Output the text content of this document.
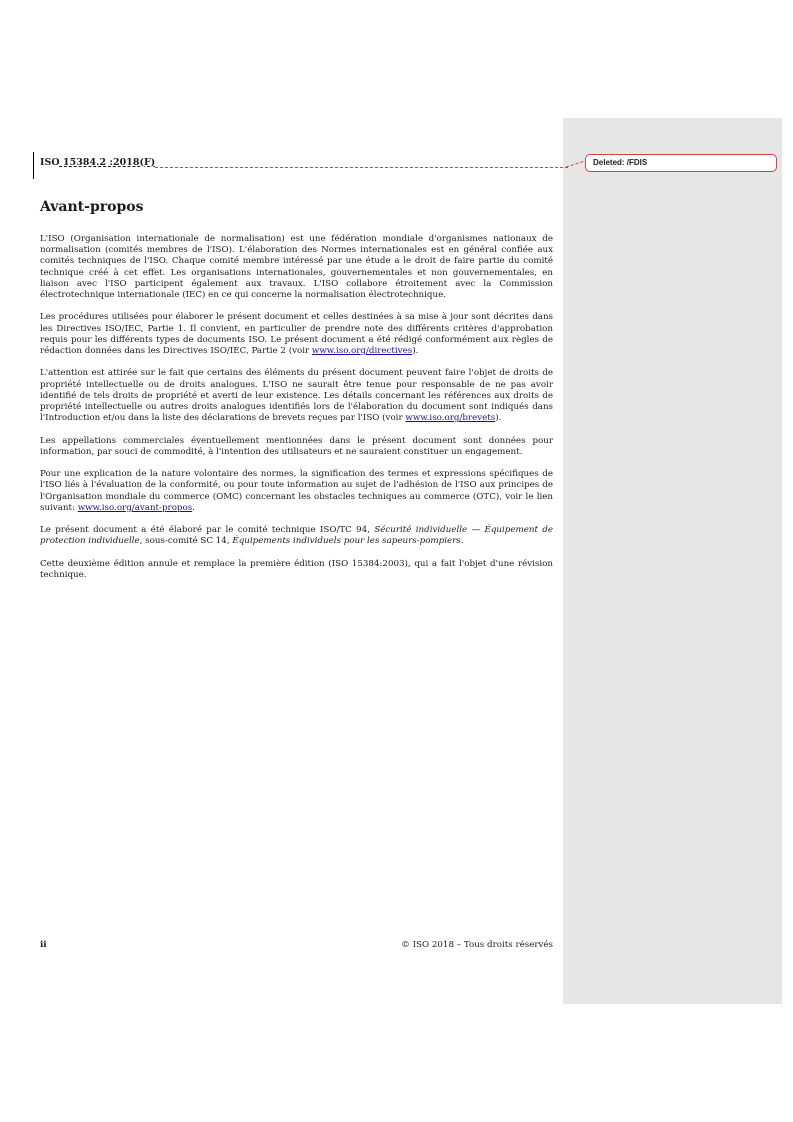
ISO 15384.2 :2018(F)	Deleted: /FDIS
Avant-propos

L'ISO (Organisation internationale de normalisation) est une fédération mondiale d'organismes nationaux de normalisation (comités membres de l'ISO). L'élaboration des Normes internationales est en général confiée aux comités techniques de l'ISO. Chaque comité membre intéressé par une étude a le droit de faire partie du comité technique créé à cet effet. Les organisations internationales, gouvernementales et non gouvernementales, en liaison avec l'ISO participent également aux travaux. L'ISO collabore étroitement avec la Commission électrotechnique internationale (IEC) en ce qui concerne la normalisation électrotechnique.

Les procédures utilisées pour élaborer le présent document et celles destinées à sa mise à jour sont décrites dans les Directives ISO/IEC, Partie 1. Il convient, en particulier de prendre note des différents critères d'approbation requis pour les différents types de documents ISO. Le présent document a été rédigé conformément aux règles de rédaction données dans les Directives ISO/IEC, Partie 2 (voir www.iso.org/directives).

L'attention est attirée sur le fait que certains des éléments du présent document peuvent faire l'objet de droits de propriété intellectuelle ou de droits analogues. L'ISO ne saurait être tenue pour responsable de ne pas avoir identifié de tels droits de propriété et averti de leur existence. Les détails concernant les références aux droits de propriété intellectuelle ou autres droits analogues identifiés lors de l'élaboration du document sont indiqués dans l'Introduction et/ou dans la liste des déclarations de brevets reçues par l'ISO (voir www.iso.org/brevets).

Les appellations commerciales éventuellement mentionnées dans le présent document sont données pour information, par souci de commodité, à l'intention des utilisateurs et ne sauraient constituer un engagement.

Pour une explication de la nature volontaire des normes, la signification des termes et expressions spécifiques de l'ISO liés à l'évaluation de la conformité, ou pour toute information au sujet de l'adhésion de l'ISO aux principes de l'Organisation mondiale du commerce (OMC) concernant les obstacles techniques au commerce (OTC), voir le lien suivant: www.iso.org/avant-propos.

Le présent document a été élaboré par le comité technique ISO/TC 94, Sécurité individuelle — Équipement de protection individuelle, sous-comité SC 14, Équipements individuels pour les sapeurs-pompiers.

Cette deuxième édition annule et remplace la première édition (ISO 15384:2003), qui a fait l'objet d'une révision technique.

ii	© ISO 2018 – Tous droits réservés
